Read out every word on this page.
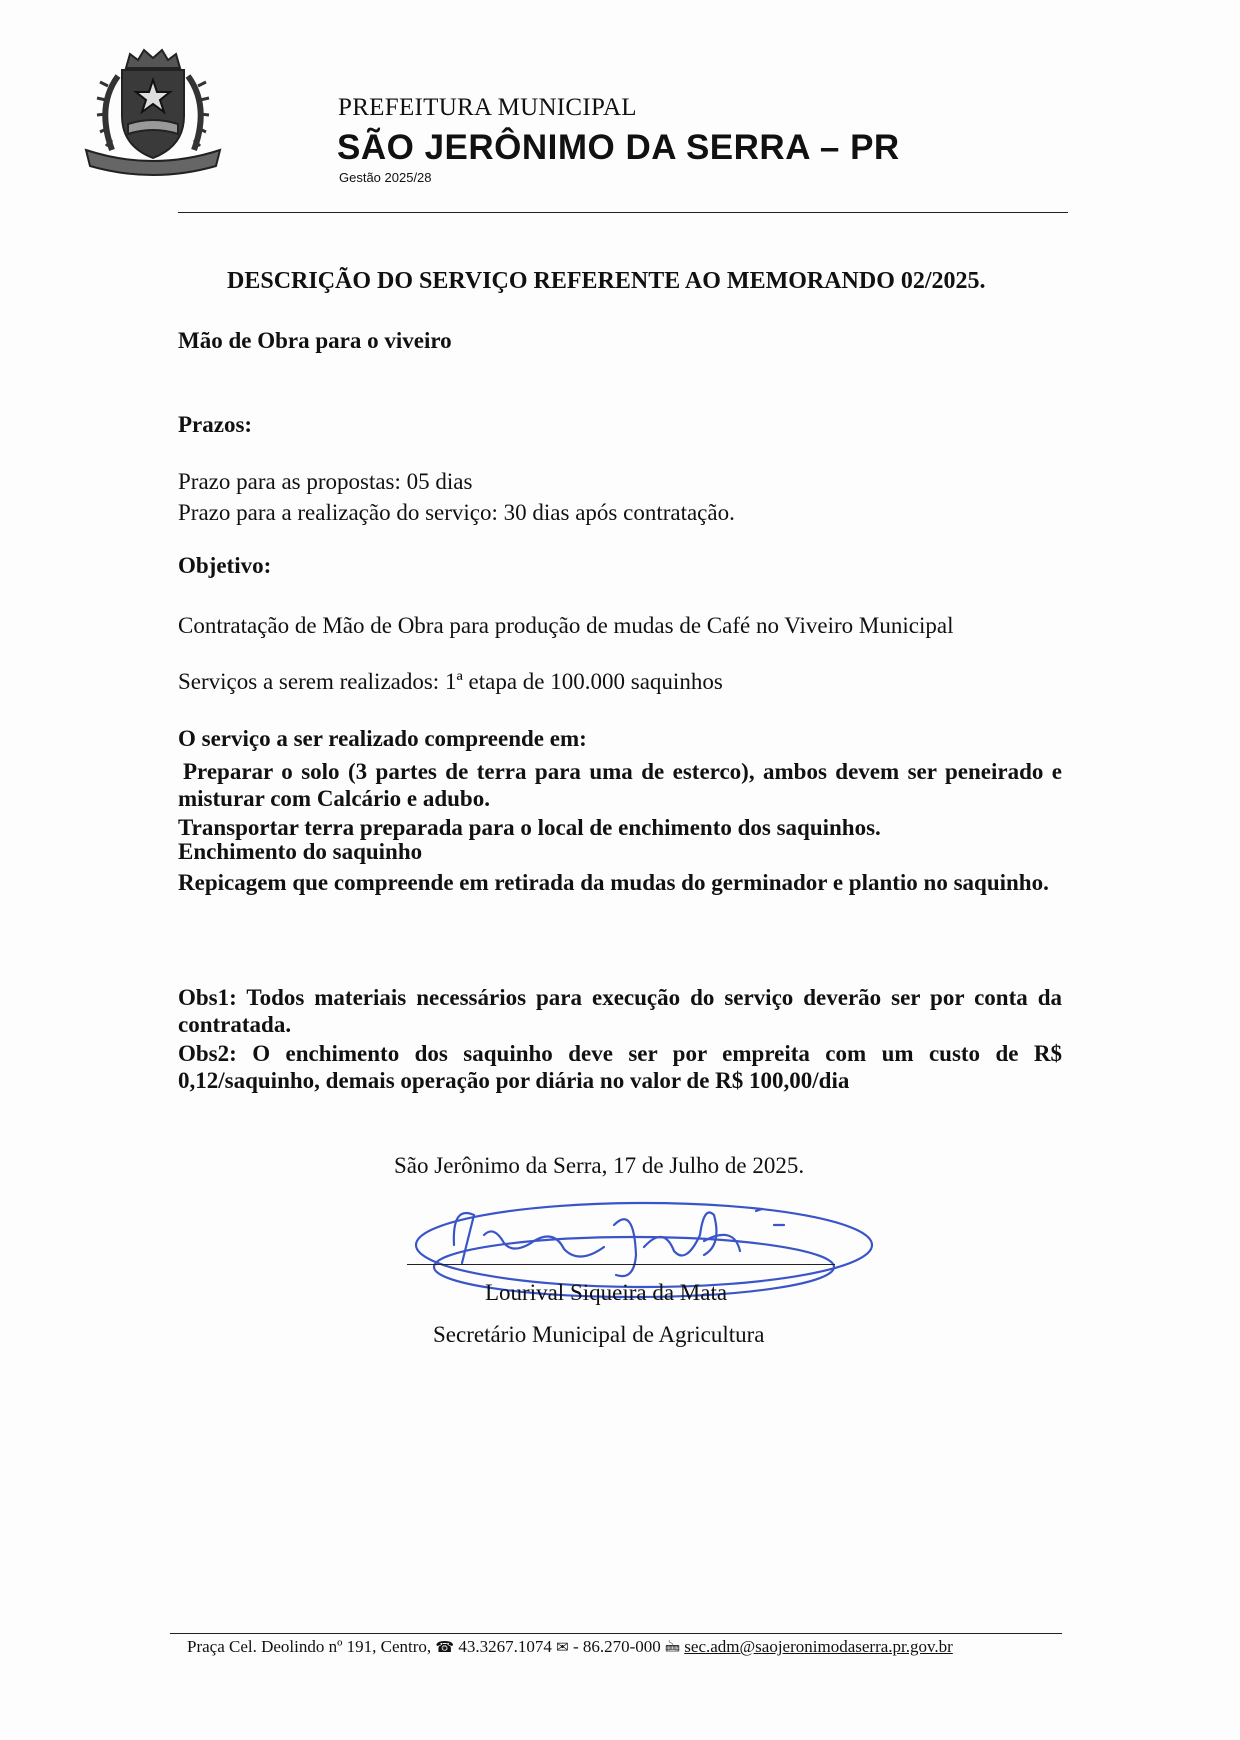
PREFEITURA MUNICIPAL
SÃO JERÔNIMO DA SERRA – PR
Gestão 2025/28
DESCRIÇÃO DO SERVIÇO REFERENTE AO MEMORANDO 02/2025.
Mão de Obra para o viveiro
Prazos:
Prazo para as propostas: 05 dias
Prazo para a realização do serviço: 30 dias após contratação.
Objetivo:
Contratação de Mão de Obra para produção de mudas de Café no Viveiro Municipal
Serviços a serem realizados: 1ª etapa de 100.000 saquinhos
O serviço a ser realizado compreende em:
Preparar o solo (3 partes de terra para uma de esterco), ambos devem ser peneirado e misturar com Calcário e adubo.
Transportar terra preparada para o local de enchimento dos saquinhos.
Enchimento do saquinho
Repicagem que compreende em retirada da mudas do germinador e plantio no saquinho.
Obs1: Todos materiais necessários para execução do serviço deverão ser por conta da contratada.
Obs2: O enchimento dos saquinho deve ser por empreita com um custo de R$ 0,12/saquinho, demais operação por diária no valor de R$ 100,00/dia
São Jerônimo da Serra, 17 de Julho de 2025.
Lourival Siqueira da Mata
Secretário Municipal de Agricultura
Praça Cel. Deolindo nº 191, Centro, ☎ 43.3267.1074 ✉ - 86.270-000 🖮 sec.adm@saojeronimodaserra.pr.gov.br
